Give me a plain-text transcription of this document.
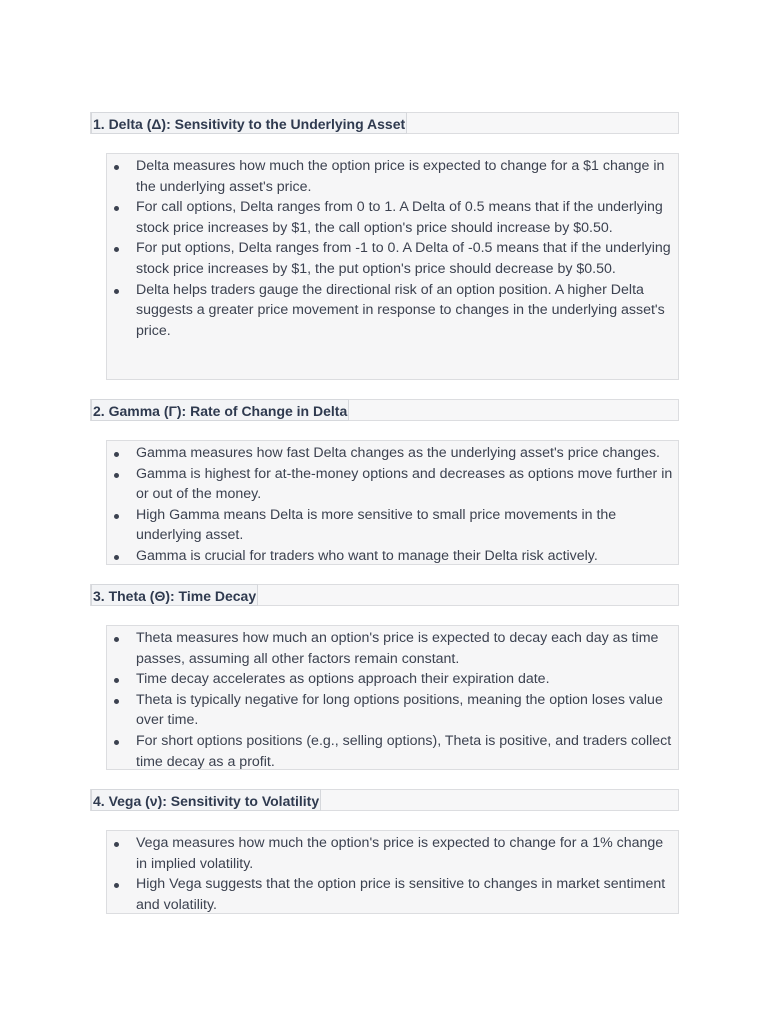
1. Delta (Δ): Sensitivity to the Underlying Asset
Delta measures how much the option price is expected to change for a $1 change in the underlying asset's price.
For call options, Delta ranges from 0 to 1. A Delta of 0.5 means that if the underlying stock price increases by $1, the call option's price should increase by $0.50.
For put options, Delta ranges from -1 to 0. A Delta of -0.5 means that if the underlying stock price increases by $1, the put option's price should decrease by $0.50.
Delta helps traders gauge the directional risk of an option position. A higher Delta suggests a greater price movement in response to changes in the underlying asset's price.
2. Gamma (Γ): Rate of Change in Delta
Gamma measures how fast Delta changes as the underlying asset's price changes.
Gamma is highest for at-the-money options and decreases as options move further in or out of the money.
High Gamma means Delta is more sensitive to small price movements in the underlying asset.
Gamma is crucial for traders who want to manage their Delta risk actively.
3. Theta (Θ): Time Decay
Theta measures how much an option's price is expected to decay each day as time passes, assuming all other factors remain constant.
Time decay accelerates as options approach their expiration date.
Theta is typically negative for long options positions, meaning the option loses value over time.
For short options positions (e.g., selling options), Theta is positive, and traders collect time decay as a profit.
4. Vega (ν): Sensitivity to Volatility
Vega measures how much the option's price is expected to change for a 1% change in implied volatility.
High Vega suggests that the option price is sensitive to changes in market sentiment and volatility.
